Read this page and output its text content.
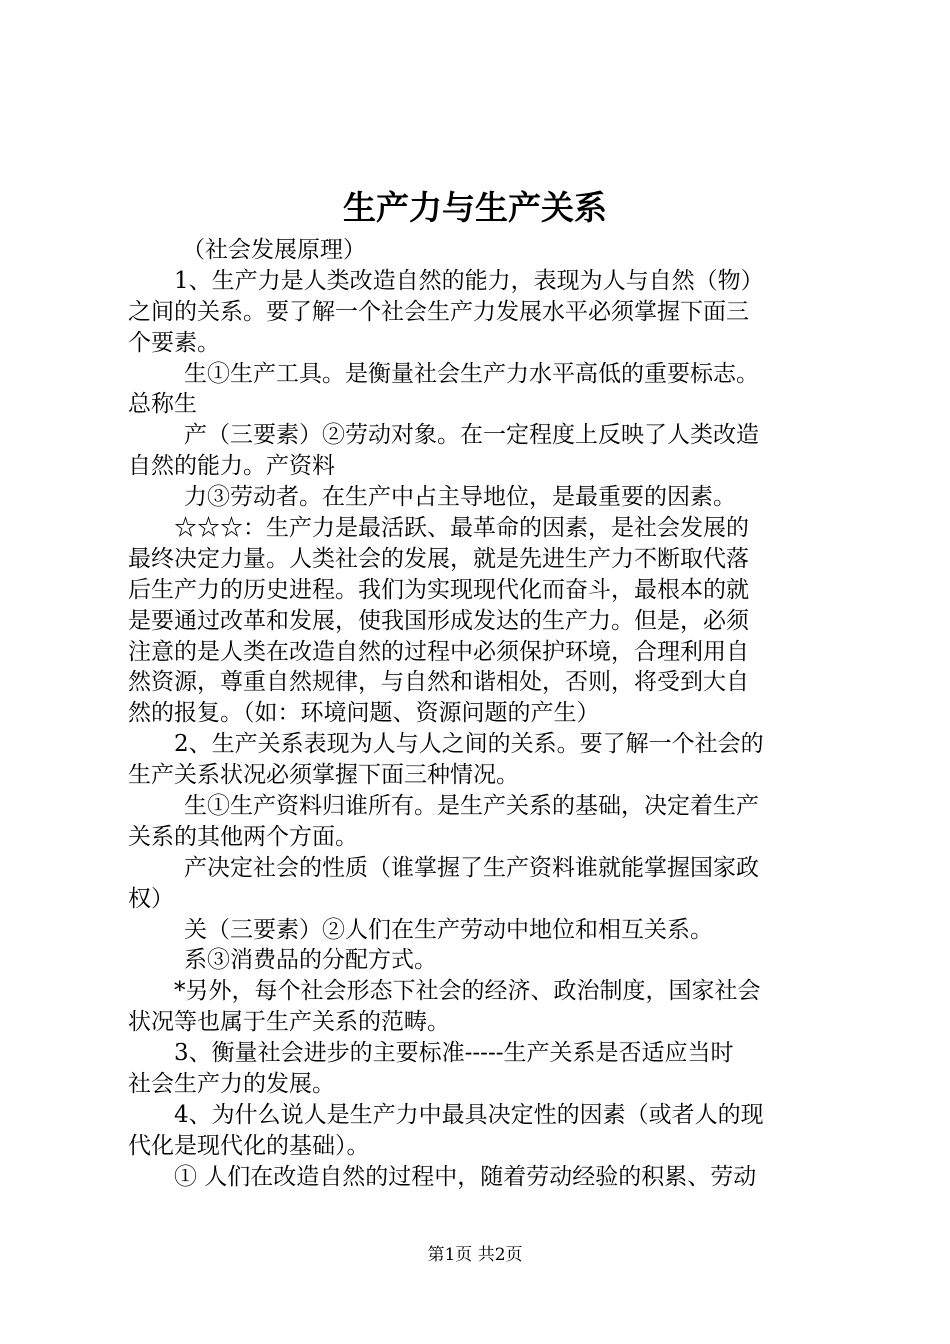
生产力与生产关系
（社会发展原理）
1、生产力是人类改造自然的能力，表现为人与自然（物）
之间的关系。要了解一个社会生产力发展水平必须掌握下面三
个要素。
生①生产工具。是衡量社会生产力水平高低的重要标志。
总称生
产（三要素）②劳动对象。在一定程度上反映了人类改造
自然的能力。产资料
力③劳动者。在生产中占主导地位，是最重要的因素。
☆☆☆：生产力是最活跃、最革命的因素，是社会发展的
最终决定力量。人类社会的发展，就是先进生产力不断取代落
后生产力的历史进程。我们为实现现代化而奋斗，最根本的就
是要通过改革和发展，使我国形成发达的生产力。但是，必须
注意的是人类在改造自然的过程中必须保护环境，合理利用自
然资源，尊重自然规律，与自然和谐相处，否则，将受到大自
然的报复。（如：环境问题、资源问题的产生）
2、生产关系表现为人与人之间的关系。要了解一个社会的
生产关系状况必须掌握下面三种情况。
生①生产资料归谁所有。是生产关系的基础，决定着生产
关系的其他两个方面。
产决定社会的性质（谁掌握了生产资料谁就能掌握国家政
权）
关（三要素）②人们在生产劳动中地位和相互关系。
系③消费品的分配方式。
*另外，每个社会形态下社会的经济、政治制度，国家社会
状况等也属于生产关系的范畴。
3、衡量社会进步的主要标准-----生产关系是否适应当时
社会生产力的发展。
4、为什么说人是生产力中最具决定性的因素（或者人的现
代化是现代化的基础）。
① 人们在改造自然的过程中，随着劳动经验的积累、劳动
第1页 共2页
